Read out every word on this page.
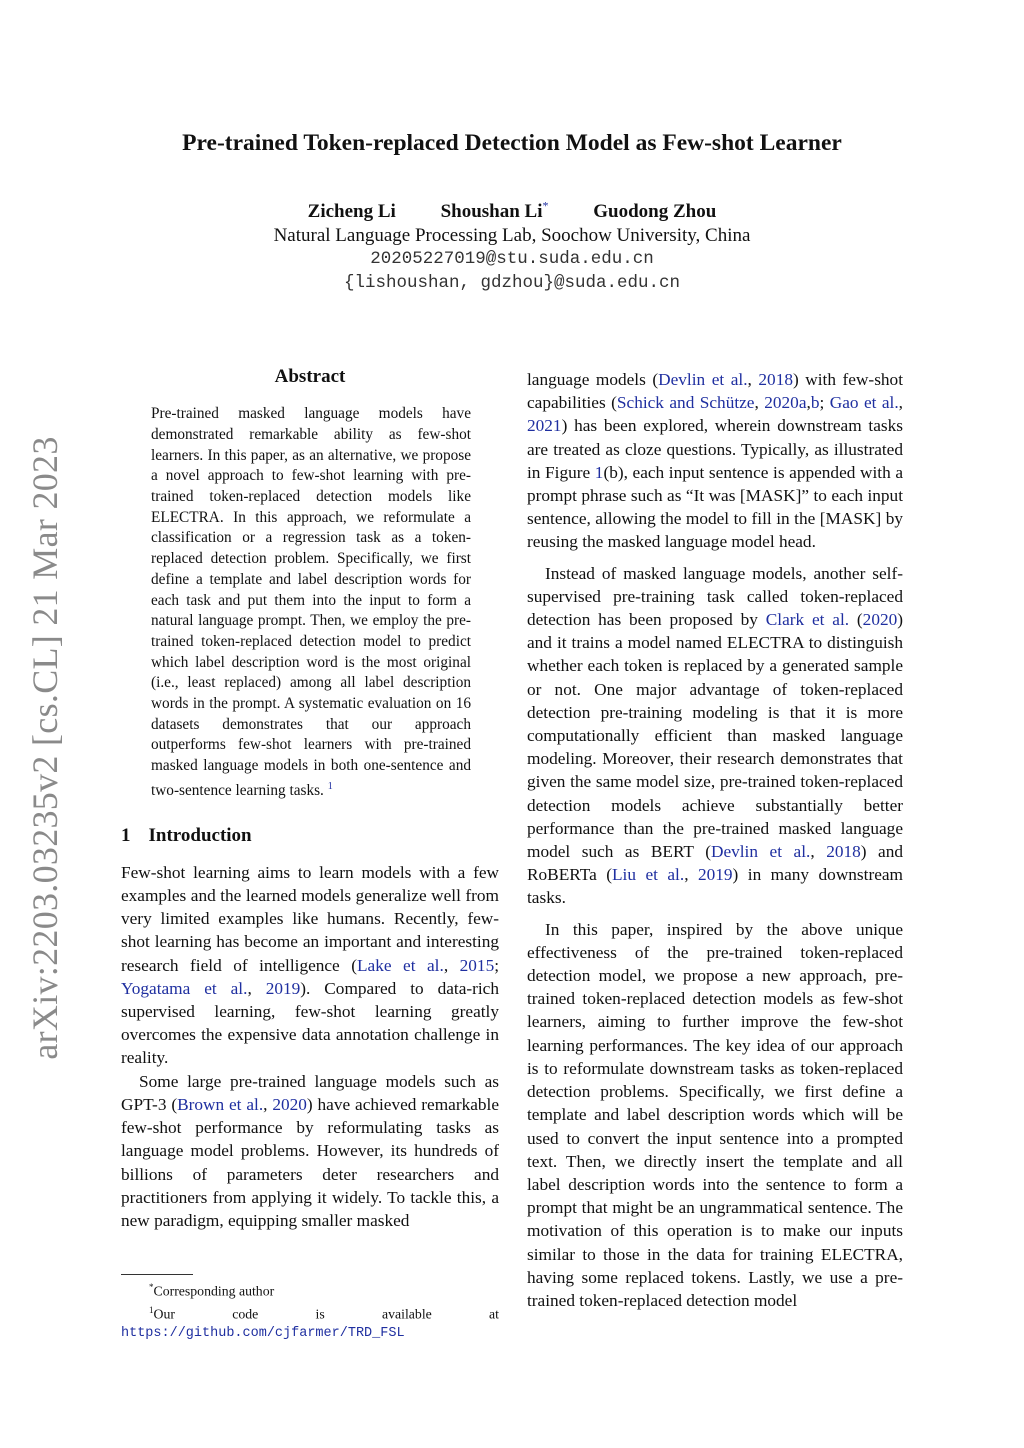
arXiv:2203.03235v2 [cs.CL] 21 Mar 2023
Pre-trained Token-replaced Detection Model as Few-shot Learner
Zicheng Li Shoushan Li* Guodong Zhou
Natural Language Processing Lab, Soochow University, China
20205227019@stu.suda.edu.cn
{lishoushan, gdzhou}@suda.edu.cn
Abstract
Pre-trained masked language models have demonstrated remarkable ability as few-shot learners. In this paper, as an alternative, we propose a novel approach to few-shot learning with pre-trained token-replaced detection models like ELECTRA. In this approach, we reformulate a classification or a regression task as a token-replaced detection problem. Specifically, we first define a template and label description words for each task and put them into the input to form a natural language prompt. Then, we employ the pre-trained token-replaced detection model to predict which label description word is the most original (i.e., least replaced) among all label description words in the prompt. A systematic evaluation on 16 datasets demonstrates that our approach outperforms few-shot learners with pre-trained masked language models in both one-sentence and two-sentence learning tasks. $^1$
1 Introduction

Few-shot learning aims to learn models with a few examples and the learned models generalize well from very limited examples like humans. Recently, few-shot learning has become an important and interesting research field of intelligence (Lake et al., 2015; Yogatama et al., 2019). Compared to data-rich supervised learning, few-shot learning greatly overcomes the expensive data annotation challenge in reality.

Some large pre-trained language models such as GPT-3 (Brown et al., 2020) have achieved remarkable few-shot performance by reformulating tasks as language model problems. However, its hundreds of billions of parameters deter researchers and practitioners from applying it widely. To tackle this, a new paradigm, equipping smaller masked

*Corresponding author

$^1$Our code is available at https://github.com/cjfarmer/TRD_FSL

language models (Devlin et al., 2018) with few-shot capabilities (Schick and Schütze, 2020a,b; Gao et al., 2021) has been explored, wherein downstream tasks are treated as cloze questions. Typically, as illustrated in Figure 1(b), each input sentence is appended with a prompt phrase such as “It was [MASK]” to each input sentence, allowing the model to fill in the [MASK] by reusing the masked language model head.

Instead of masked language models, another self-supervised pre-training task called token-replaced detection has been proposed by Clark et al. (2020) and it trains a model named ELECTRA to distinguish whether each token is replaced by a generated sample or not. One major advantage of token-replaced detection pre-training modeling is that it is more computationally efficient than masked language modeling. Moreover, their research demonstrates that given the same model size, pre-trained token-replaced detection models achieve substantially better performance than the pre-trained masked language model such as BERT (Devlin et al., 2018) and RoBERTa (Liu et al., 2019) in many downstream tasks.

In this paper, inspired by the above unique effectiveness of the pre-trained token-replaced detection model, we propose a new approach, pre-trained token-replaced detection models as few-shot learners, aiming to further improve the few-shot learning performances. The key idea of our approach is to reformulate downstream tasks as token-replaced detection problems. Specifically, we first define a template and label description words which will be used to convert the input sentence into a prompted text. Then, we directly insert the template and all label description words into the sentence to form a prompt that might be an ungrammatical sentence. The motivation of this operation is to make our inputs similar to those in the data for training ELECTRA, having some replaced tokens. Lastly, we use a pre-trained token-replaced detection model
